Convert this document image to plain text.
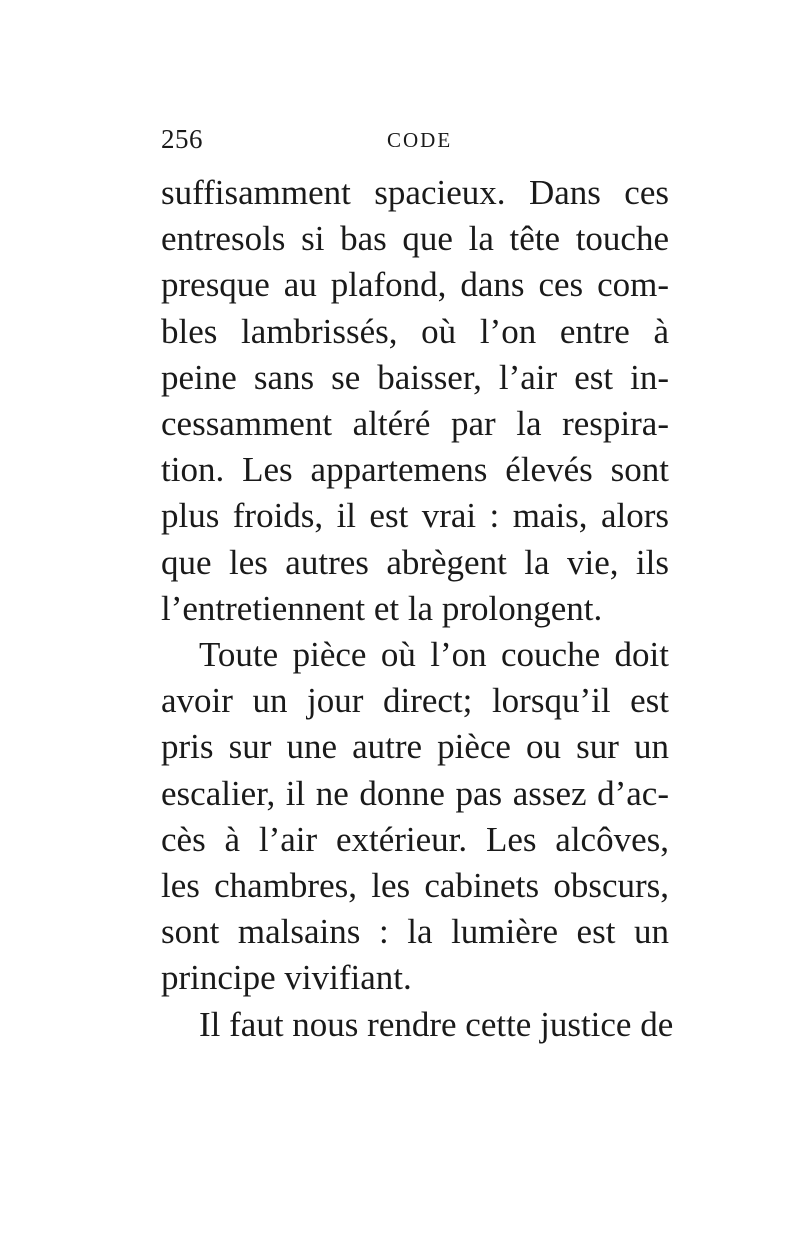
256	CODE
suffisamment spacieux. Dans ces
entresols si bas que la tête touche
presque au plafond, dans ces com-
bles lambrissés, où l’on entre à
peine sans se baisser, l’air est in-
cessamment altéré par la respira-
tion. Les appartemens élevés sont
plus froids, il est vrai : mais, alors
que les autres abrègent la vie, ils
l’entretiennent et la prolongent.
Toute pièce où l’on couche doit
avoir un jour direct; lorsqu’il est
pris sur une autre pièce ou sur un
escalier, il ne donne pas assez d’ac-
cès à l’air extérieur. Les alcôves,
les chambres, les cabinets obscurs,
sont malsains : la lumière est un
principe vivifiant.
Il faut nous rendre cette justice de
